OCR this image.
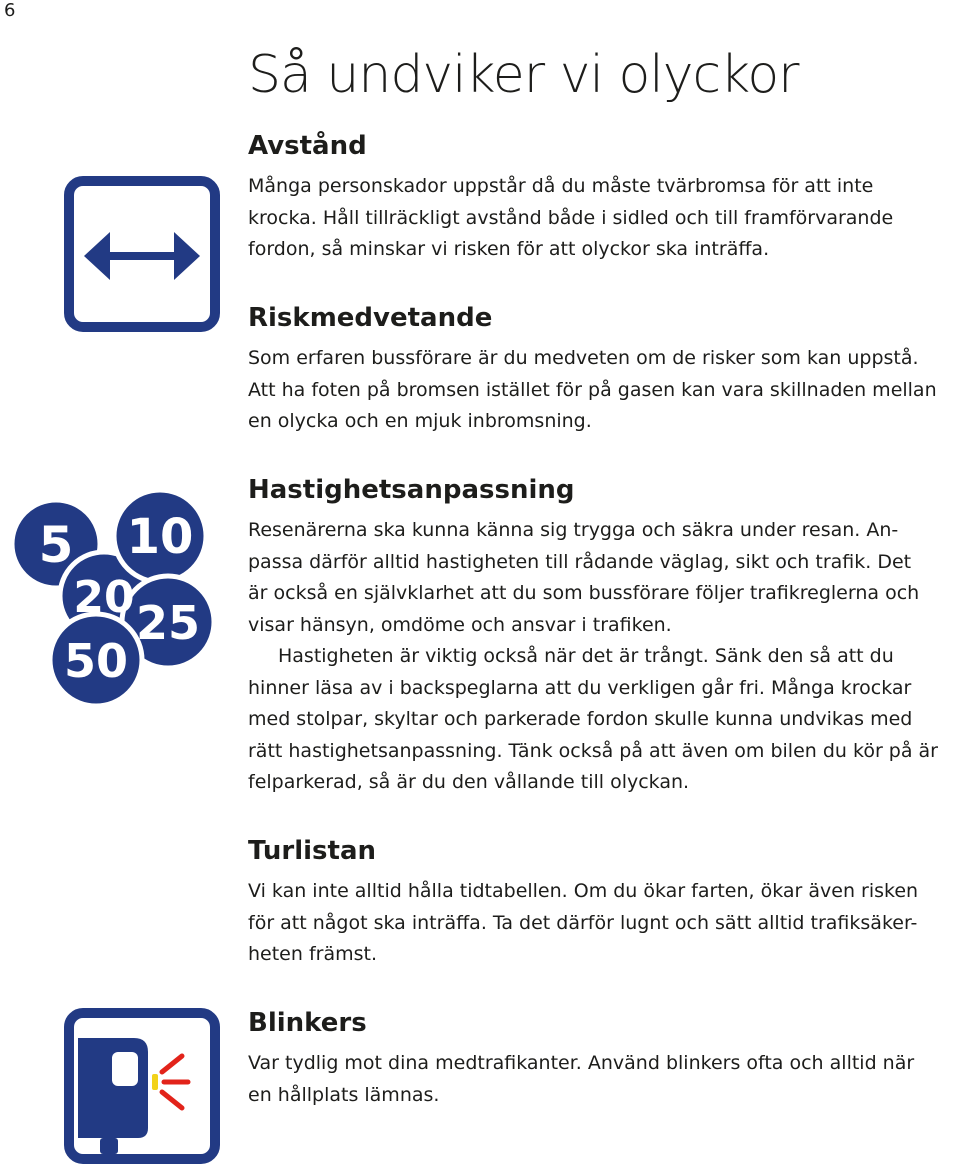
6
Så undviker vi olyckor
5
20
10
25
50
Avstånd

Många personskador uppstår då du måste tvärbromsa för att inte
krocka. Håll tillräckligt avstånd både i sidled och till framförvarande
fordon, så minskar vi risken för att olyckor ska inträffa.

Riskmedvetande

Som erfaren bussförare är du medveten om de risker som kan uppstå.
Att ha foten på bromsen istället för på gasen kan vara skillnaden mellan
en olycka och en mjuk inbromsning.

Hastighetsanpassning

Resenärerna ska kunna känna sig trygga och säkra under resan. An-
passa därför alltid hastigheten till rådande väglag, sikt och trafik. Det
är också en självklarhet att du som bussförare följer trafikreglerna och
visar hänsyn, omdöme och ansvar i trafiken.

Hastigheten är viktig också när det är trångt. Sänk den så att du
hinner läsa av i backspeglarna att du verkligen går fri. Många krockar
med stolpar, skyltar och parkerade fordon skulle kunna undvikas med
rätt hastighetsanpassning. Tänk också på att även om bilen du kör på är
felparkerad, så är du den vållande till olyckan.

Turlistan

Vi kan inte alltid hålla tidtabellen. Om du ökar farten, ökar även risken
för att något ska inträffa. Ta det därför lugnt och sätt alltid trafiksäker-
heten främst.

Blinkers

Var tydlig mot dina medtrafikanter. Använd blinkers ofta och alltid när
en hållplats lämnas.
